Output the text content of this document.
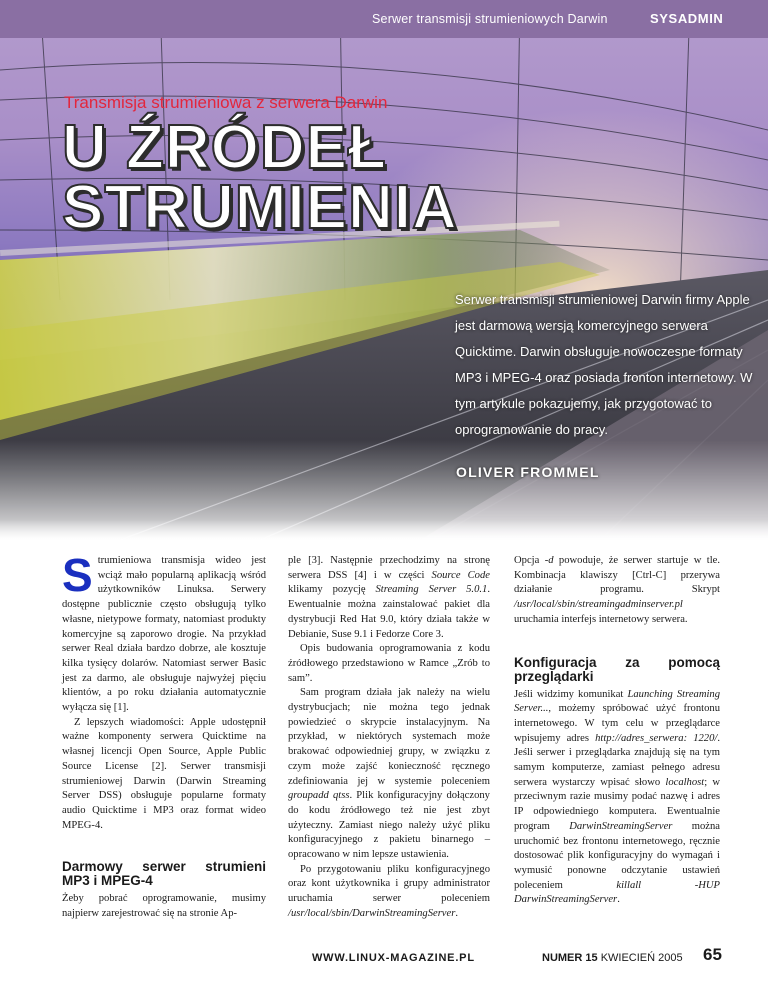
Serwer transmisji strumieniowych Darwin	SYSADMIN
Transmisja strumieniowa z serwera Darwin
U ŹRÓDEŁ
STRUMIENIA
Serwer transmisji strumieniowej Darwin firmy Apple jest darmową wersją komercyjnego serwera Quicktime. Darwin obsługuje nowoczesne formaty MP3 i MPEG-4 oraz posiada fronton internetowy. W tym artykule pokazujemy, jak przygotować to oprogramowanie do pracy.
OLIVER FROMMEL

Strumieniowa transmisja wideo jest wciąż mało popularną aplikacją wśród użytkowników Linuksa. Serwery dostępne publicznie często obsługują tylko własne, nietypowe formaty, natomiast produkty komercyjne są zaporowo drogie. Na przykład serwer Real działa bardzo dobrze, ale kosztuje kilka tysięcy dolarów. Natomiast serwer Basic jest za darmo, ale obsługuje najwyżej pięciu klientów, a po roku działania automatycznie wyłącza się [1].

Z lepszych wiadomości: Apple udostępnił ważne komponenty serwera Quicktime na własnej licencji Open Source, Apple Public Source License [2]. Serwer transmisji strumieniowej Darwin (Darwin Streaming Server DSS) obsługuje popularne formaty audio Quicktime i MP3 oraz format wideo MPEG-4.

Darmowy serwer strumieni MP3 i MPEG-4

Żeby pobrać oprogramowanie, musimy najpierw zarejestrować się na stronie Ap-

ple [3]. Następnie przechodzimy na stronę serwera DSS [4] i w części Source Code klikamy pozycję Streaming Server 5.0.1. Ewentualnie można zainstalować pakiet dla dystrybucji Red Hat 9.0, który działa także w Debianie, Suse 9.1 i Fedorze Core 3.

Opis budowania oprogramowania z kodu źródłowego przedstawiono w Ramce „Zrób to sam”.

Sam program działa jak należy na wielu dystrybucjach; nie można tego jednak powiedzieć o skrypcie instalacyjnym. Na przykład, w niektórych systemach może brakować odpowiedniej grupy, w związku z czym może zajść konieczność ręcznego zdefiniowania jej w systemie poleceniem groupadd qtss. Plik konfiguracyjny dołączony do kodu źródłowego też nie jest zbyt użyteczny. Zamiast niego należy użyć pliku konfiguracyjnego z pakietu binarnego – opracowano w nim lepsze ustawienia.

Po przygotowaniu pliku konfiguracyjnego oraz kont użytkownika i grupy administrator uruchamia serwer poleceniem /usr/local/sbin/DarwinStreamingServer.

Opcja -d powoduje, że serwer startuje w tle. Kombinacja klawiszy [Ctrl-C] przerywa działanie programu. Skrypt /usr/local/sbin/streamingadminserver.pl uruchamia interfejs internetowy serwera.

Konfiguracja za pomocą przeglądarki

Jeśli widzimy komunikat Launching Streaming Server..., możemy spróbować użyć frontonu internetowego. W tym celu w przeglądarce wpisujemy adres http://adres_serwera: 1220/. Jeśli serwer i przeglądarka znajdują się na tym samym komputerze, zamiast pełnego adresu serwera wystarczy wpisać słowo localhost; w przeciwnym razie musimy podać nazwę i adres IP odpowiedniego komputera. Ewentualnie program DarwinStreamingServer można uruchomić bez frontonu internetowego, ręcznie dostosować plik konfiguracyjny do wymagań i wymusić ponowne odczytanie ustawień poleceniem killall -HUP DarwinStreamingServer.

WWW.LINUX-MAGAZINE.PL	NUMER 15 KWIECIEŃ 2005 65
